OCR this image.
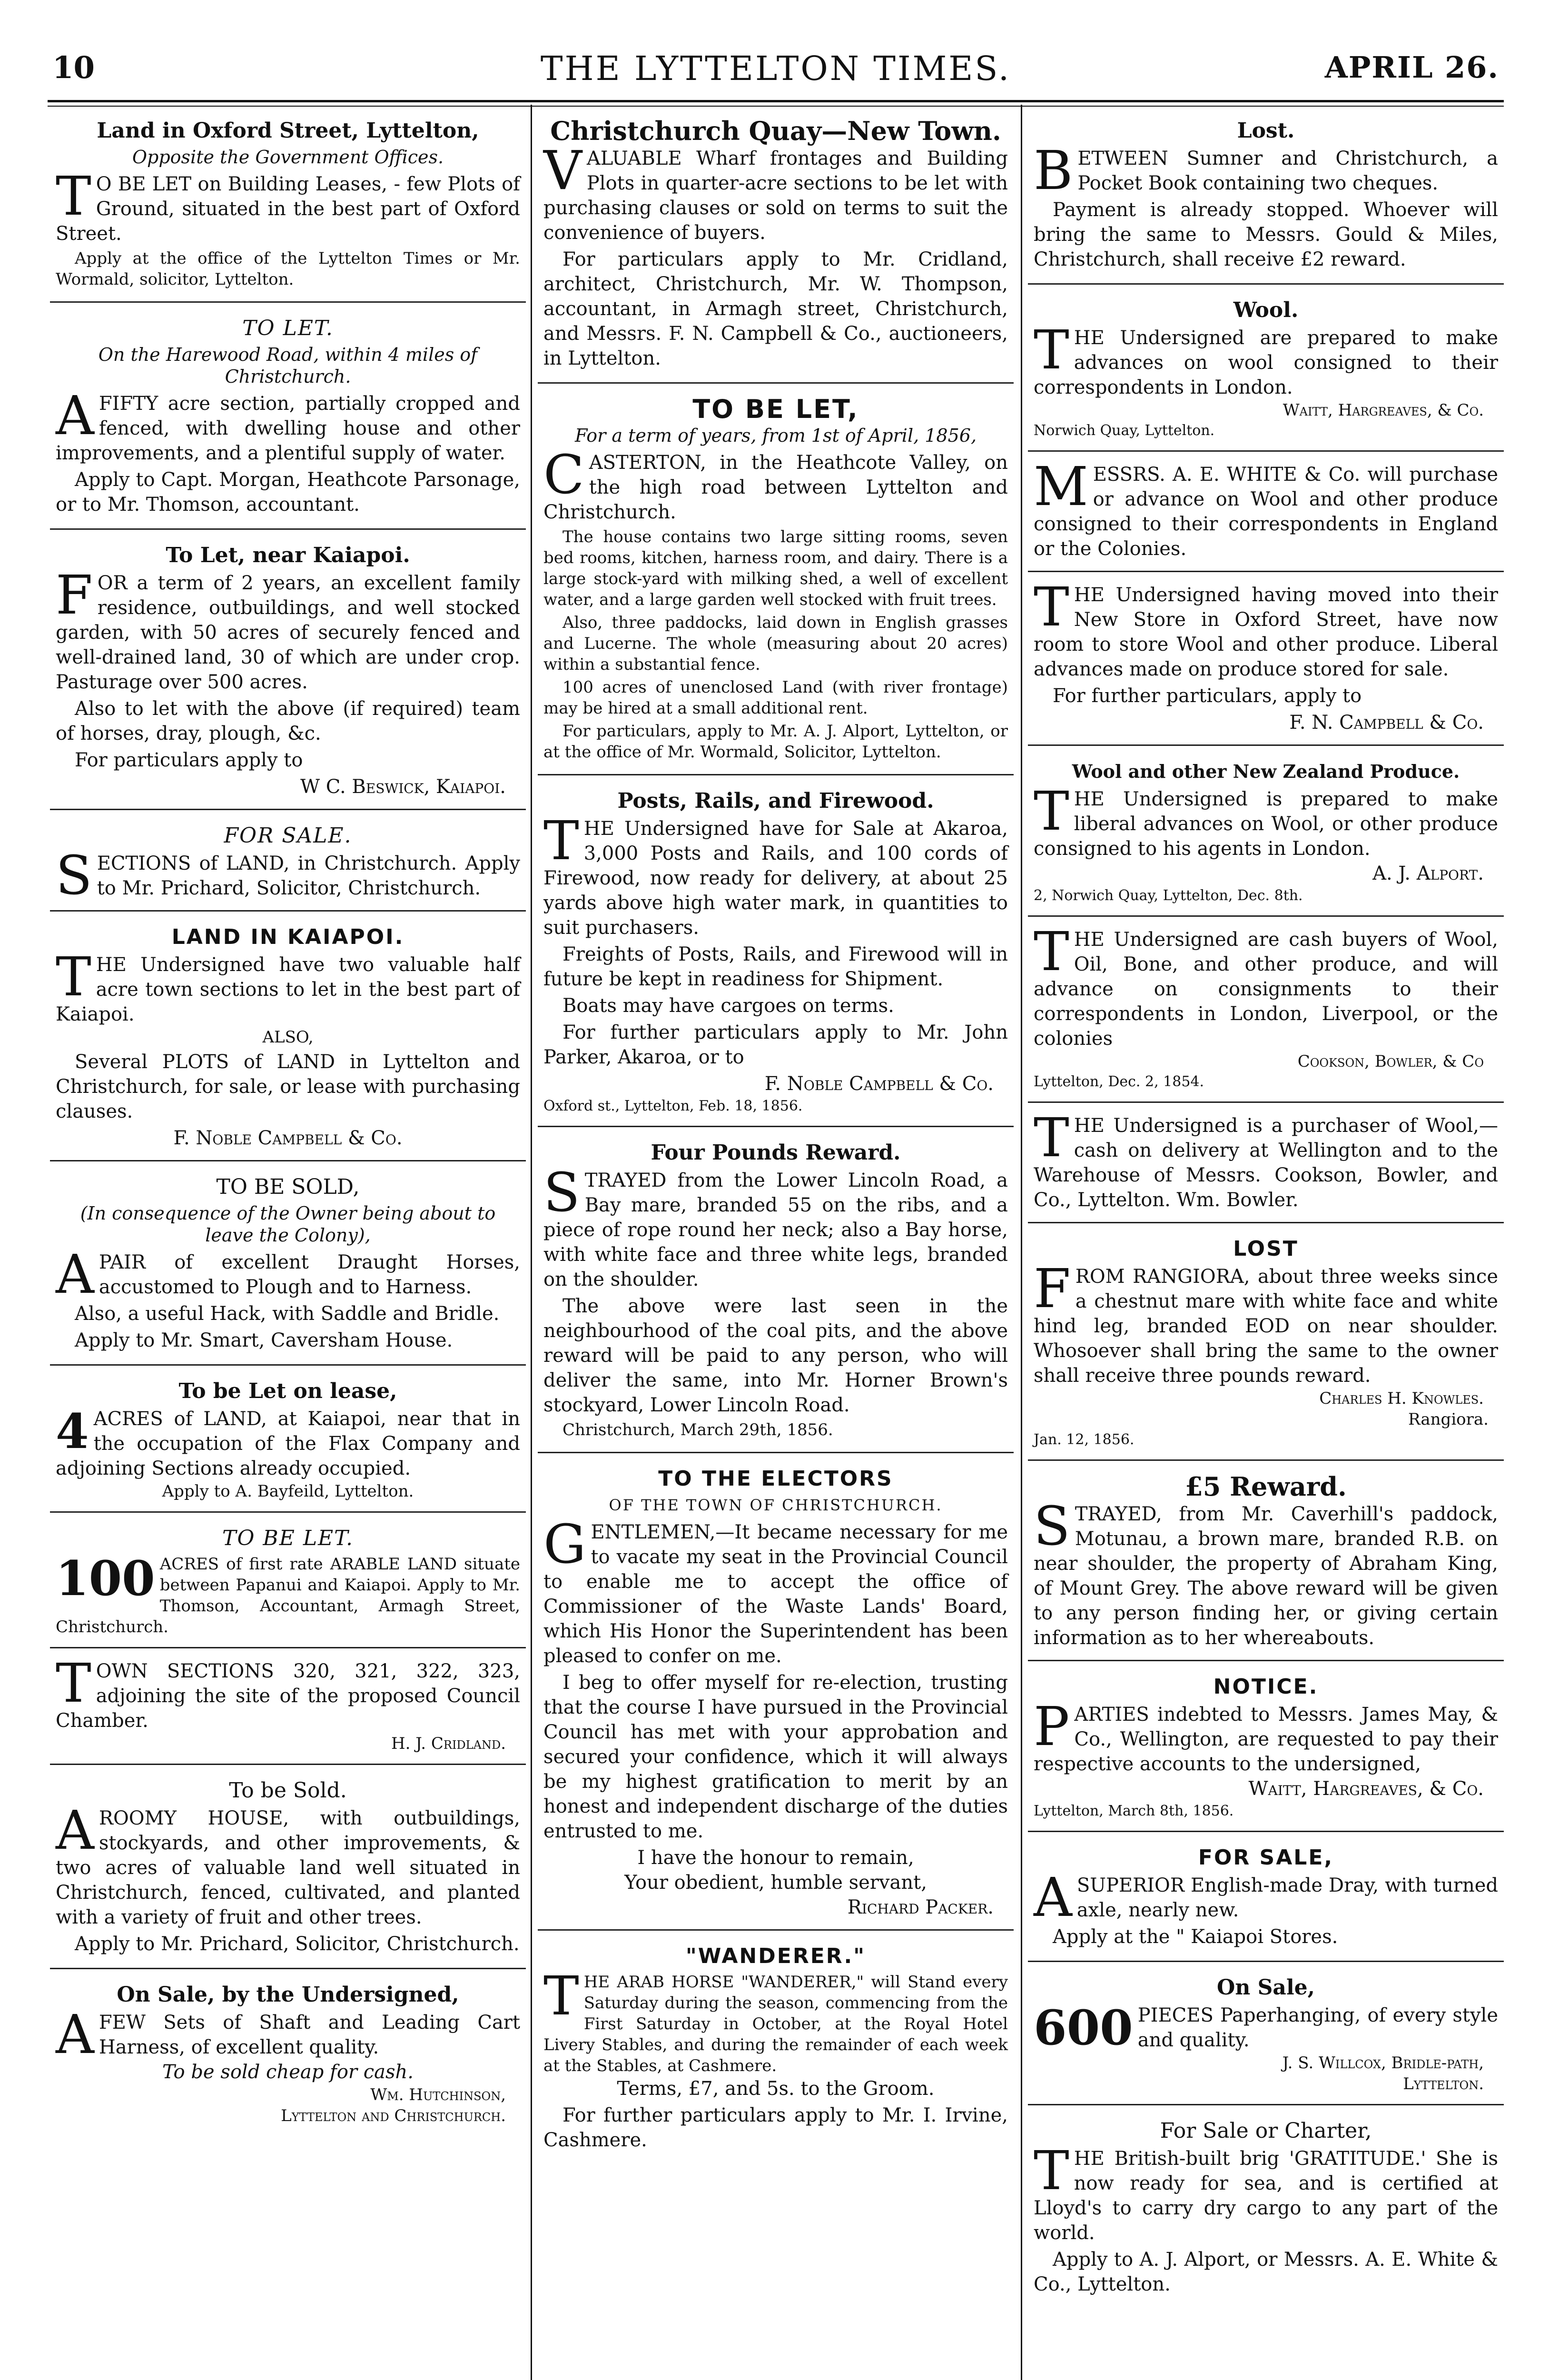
10	THE LYTTELTON TIMES.	APRIL 26.
Land in Oxford Street, Lyttelton,
Opposite the Government Offices.
T O BE LET on Building Leases, - few Plots of Ground, situated in the best part of Oxford Street.
Apply at the office of the Lyttelton Times or Mr. Wormald, solicitor, Lyttelton.
TO LET.
On the Harewood Road, within 4 miles of Christchurch.
AFIFTY acre section, partially cropped and fenced, with dwelling house and other improvements, and a plentiful supply of water.
Apply to Capt. Morgan, Heathcote Parsonage, or to Mr. Thomson, accountant.
To Let, near Kaiapoi.
FOR a term of 2 years, an excellent family residence, outbuildings, and well stocked garden, with 50 acres of securely fenced and well-drained land, 30 of which are under crop. Pasturage over 500 acres.
Also to let with the above (if required) team of horses, dray, plough, &c.
For particulars apply to
W C. Beswick, Kaiapoi.
FOR SALE.
SECTIONS of LAND, in Christchurch. Apply to Mr. Prichard, Solicitor, Christchurch.
LAND IN KAIAPOI.
THE Undersigned have two valuable half acre town sections to let in the best part of Kaiapoi.
ALSO,
Several PLOTS of LAND in Lyttelton and Christchurch, for sale, or lease with purchasing clauses.
F. Noble Campbell & Co.
TO BE SOLD,
(In consequence of the Owner being about to leave the Colony),
APAIR of excellent Draught Horses, accustomed to Plough and to Harness.
Also, a useful Hack, with Saddle and Bridle.
Apply to Mr. Smart, Caversham House.
To be Let on lease,
4 ACRES of LAND, at Kaiapoi, near that in the occupation of the Flax Company and adjoining Sections already occupied.
Apply to A. Bayfeild, Lyttelton.
TO BE LET.
100 ACRES of first rate ARABLE LAND situate between Papanui and Kaiapoi. Apply to Mr. Thomson, Accountant, Armagh Street, Christchurch.
TOWN SECTIONS 320, 321, 322, 323, adjoining the site of the proposed Council Chamber.
H. J. Cridland.
To be Sold.
AROOMY HOUSE, with outbuildings, stockyards, and other improvements, & two acres of valuable land well situated in Christchurch, fenced, cultivated, and planted with a variety of fruit and other trees.
Apply to Mr. Prichard, Solicitor, Christchurch.
On Sale, by the Undersigned,
AFEW Sets of Shaft and Leading Cart Harness, of excellent quality.
To be sold cheap for cash.
Wm. Hutchinson,
Lyttelton and Christchurch.
Christchurch Quay—New Town.
VALUABLE Wharf frontages and Building Plots in quarter-acre sections to be let with purchasing clauses or sold on terms to suit the convenience of buyers.
For particulars apply to Mr. Cridland, architect, Christchurch, Mr. W. Thompson, accountant, in Armagh street, Christchurch, and Messrs. F. N. Campbell & Co., auctioneers, in Lyttelton.
TO BE LET,
For a term of years, from 1st of April, 1856,
CASTERTON, in the Heathcote Valley, on the high road between Lyttelton and Christchurch.
The house contains two large sitting rooms, seven bed rooms, kitchen, harness room, and dairy. There is a large stock-yard with milking shed, a well of excellent water, and a large garden well stocked with fruit trees.
Also, three paddocks, laid down in English grasses and Lucerne. The whole (measuring about 20 acres) within a substantial fence.
100 acres of unenclosed Land (with river frontage) may be hired at a small additional rent.
For particulars, apply to Mr. A. J. Alport, Lyttelton, or at the office of Mr. Wormald, Solicitor, Lyttelton.
Posts, Rails, and Firewood.
THE Undersigned have for Sale at Akaroa, 3,000 Posts and Rails, and 100 cords of Firewood, now ready for delivery, at about 25 yards above high water mark, in quantities to suit purchasers.
Freights of Posts, Rails, and Firewood will in future be kept in readiness for Shipment.
Boats may have cargoes on terms.
For further particulars apply to Mr. John Parker, Akaroa, or to
F. Noble Campbell & Co.
Oxford st., Lyttelton, Feb. 18, 1856.
Four Pounds Reward.
STRAYED from the Lower Lincoln Road, a Bay mare, branded 55 on the ribs, and a piece of rope round her neck; also a Bay horse, with white face and three white legs, branded on the shoulder.
The above were last seen in the neighbourhood of the coal pits, and the above reward will be paid to any person, who will deliver the same, into Mr. Horner Brown's stockyard, Lower Lincoln Road.
Christchurch, March 29th, 1856.
TO THE ELECTORS
OF THE TOWN OF CHRISTCHURCH.
GENTLEMEN,—It became necessary for me to vacate my seat in the Provincial Council to enable me to accept the office of Commissioner of the Waste Lands' Board, which His Honor the Superintendent has been pleased to confer on me.
I beg to offer myself for re-election, trusting that the course I have pursued in the Provincial Council has met with your approbation and secured your confidence, which it will always be my highest gratification to merit by an honest and independent discharge of the duties entrusted to me.
I have the honour to remain,
Your obedient, humble servant,
Richard Packer.
"WANDERER."
THE ARAB HORSE "WANDERER," will Stand every Saturday during the season, commencing from the First Saturday in October, at the Royal Hotel Livery Stables, and during the remainder of each week at the Stables, at Cashmere.
Terms, £7, and 5s. to the Groom.
For further particulars apply to Mr. I. Irvine, Cashmere.
Lost.
BETWEEN Sumner and Christchurch, a Pocket Book containing two cheques.
Payment is already stopped. Whoever will bring the same to Messrs. Gould & Miles, Christchurch, shall receive £2 reward.
Wool.
THE Undersigned are prepared to make advances on wool consigned to their correspondents in London.
Waitt, Hargreaves, & Co.
Norwich Quay, Lyttelton.
MESSRS. A. E. WHITE & Co. will purchase or advance on Wool and other produce consigned to their correspondents in England or the Colonies.
THE Undersigned having moved into their New Store in Oxford Street, have now room to store Wool and other produce. Liberal advances made on produce stored for sale.
For further particulars, apply to
F. N. Campbell & Co.
Wool and other New Zealand Produce.
THE Undersigned is prepared to make liberal advances on Wool, or other produce consigned to his agents in London.
A. J. Alport.
2, Norwich Quay, Lyttelton, Dec. 8th.
THE Undersigned are cash buyers of Wool, Oil, Bone, and other produce, and will advance on consignments to their correspondents in London, Liverpool, or the colonies
Cookson, Bowler, & Co
Lyttelton, Dec. 2, 1854.
THE Undersigned is a purchaser of Wool,—cash on delivery at Wellington and to the Warehouse of Messrs. Cookson, Bowler, and Co., Lyttelton. Wm. Bowler.
LOST
FROM RANGIORA, about three weeks since a chestnut mare with white face and white hind leg, branded EOD on near shoulder. Whosoever shall bring the same to the owner shall receive three pounds reward.
Charles H. Knowles.
Rangiora.
Jan. 12, 1856.
£5 Reward.
STRAYED, from Mr. Caverhill's paddock, Motunau, a brown mare, branded R.B. on near shoulder, the property of Abraham King, of Mount Grey. The above reward will be given to any person finding her, or giving certain information as to her whereabouts.
NOTICE.
PARTIES indebted to Messrs. James May, & Co., Wellington, are requested to pay their respective accounts to the undersigned,
Waitt, Hargreaves, & Co.
Lyttelton, March 8th, 1856.
FOR SALE,
ASUPERIOR English-made Dray, with turned axle, nearly new.
Apply at the " Kaiapoi Stores.
On Sale,
600 PIECES Paperhanging, of every style and quality.
J. S. Willcox, Bridle-path,
Lyttelton.
For Sale or Charter,
THE British-built brig 'GRATITUDE.' She is now ready for sea, and is certified at Lloyd's to carry dry cargo to any part of the world.
Apply to A. J. Alport, or Messrs. A. E. White & Co., Lyttelton.
